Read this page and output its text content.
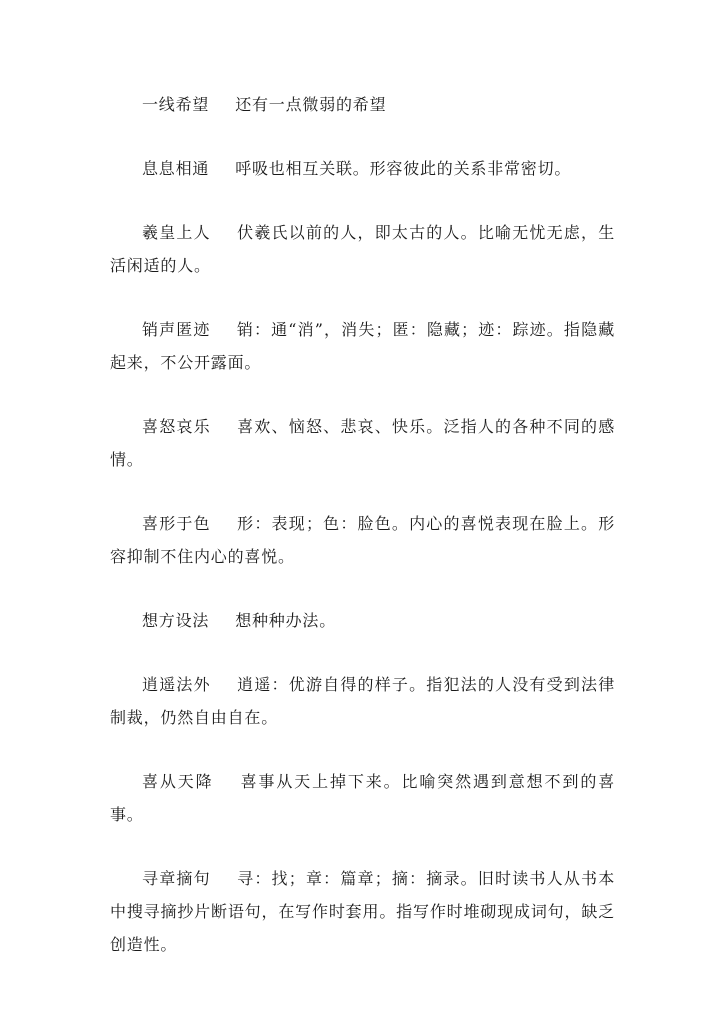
一线希望 还有一点微弱的希望

息息相通 呼吸也相互关联。形容彼此的关系非常密切。

羲皇上人 伏羲氏以前的人，即太古的人。比喻无忧无虑，生活闲适的人。

销声匿迹 销：通“消”，消失；匿：隐藏；迹：踪迹。指隐藏起来，不公开露面。

喜怒哀乐 喜欢、恼怒、悲哀、快乐。泛指人的各种不同的感情。

喜形于色 形：表现；色：脸色。内心的喜悦表现在脸上。形容抑制不住内心的喜悦。

想方设法 想种种办法。

逍遥法外 逍遥：优游自得的样子。指犯法的人没有受到法律制裁，仍然自由自在。

喜从天降 喜事从天上掉下来。比喻突然遇到意想不到的喜事。

寻章摘句 寻：找；章：篇章；摘：摘录。旧时读书人从书本中搜寻摘抄片断语句，在写作时套用。指写作时堆砌现成词句，缺乏创造性。
